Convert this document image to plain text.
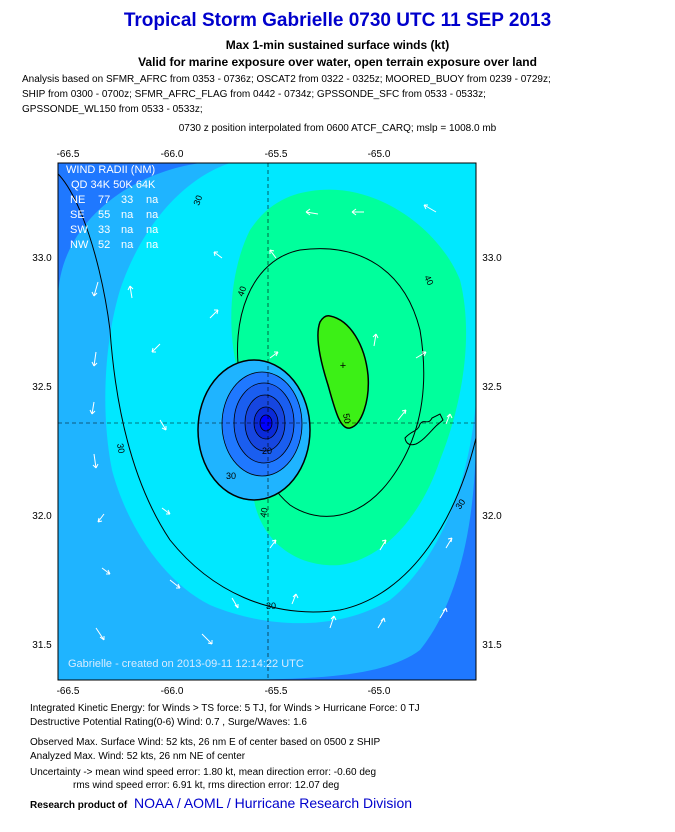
Tropical Storm Gabrielle 0730 UTC 11 SEP 2013
Max 1-min sustained surface winds (kt)
Valid for marine exposure over water, open terrain exposure over land
Analysis based on SFMR_AFRC from 0353 - 0736z; OSCAT2 from 0322 - 0325z; MOORED_BUOY from 0239 - 0729z;
SHIP from 0300 - 0700z; SFMR_AFRC_FLAG from 0442 - 0734z; GPSSONDE_SFC from 0533 - 0533z;
GPSSONDE_WL150 from 0533 - 0533z;
0730 z position interpolated from 0600 ATCF_CARQ; mslp = 1008.0 mb
-66.5	-66.0	-65.5	-65.0
-66.5	-66.0	-65.5	-65.0
33.0
32.5
32.0
31.5
33.0
32.5
32.0
31.5
+
30
30
30
30
40
40
40
50
20
30
WIND RADII (NM)
QD 34K 50K 64K
NE 77 33 na
SE 55 na na
SW 33 na na
NW 52 na na
Gabrielle - created on 2013-09-11 12:14:22 UTC
Integrated Kinetic Energy: for Winds > TS force: 5 TJ, for Winds > Hurricane Force: 0 TJ
Destructive Potential Rating(0-6) Wind: 0.7 , Surge/Waves: 1.6
Observed Max. Surface Wind: 52 kts, 26 nm E of center based on 0500 z SHIP
Analyzed Max. Wind: 52 kts, 26 nm NE of center
Uncertainty -> mean wind speed error: 1.80 kt, mean direction error: -0.60 deg
rms wind speed error: 6.91 kt, rms direction error: 12.07 deg
Research product of NOAA / AOML / Hurricane Research Division
